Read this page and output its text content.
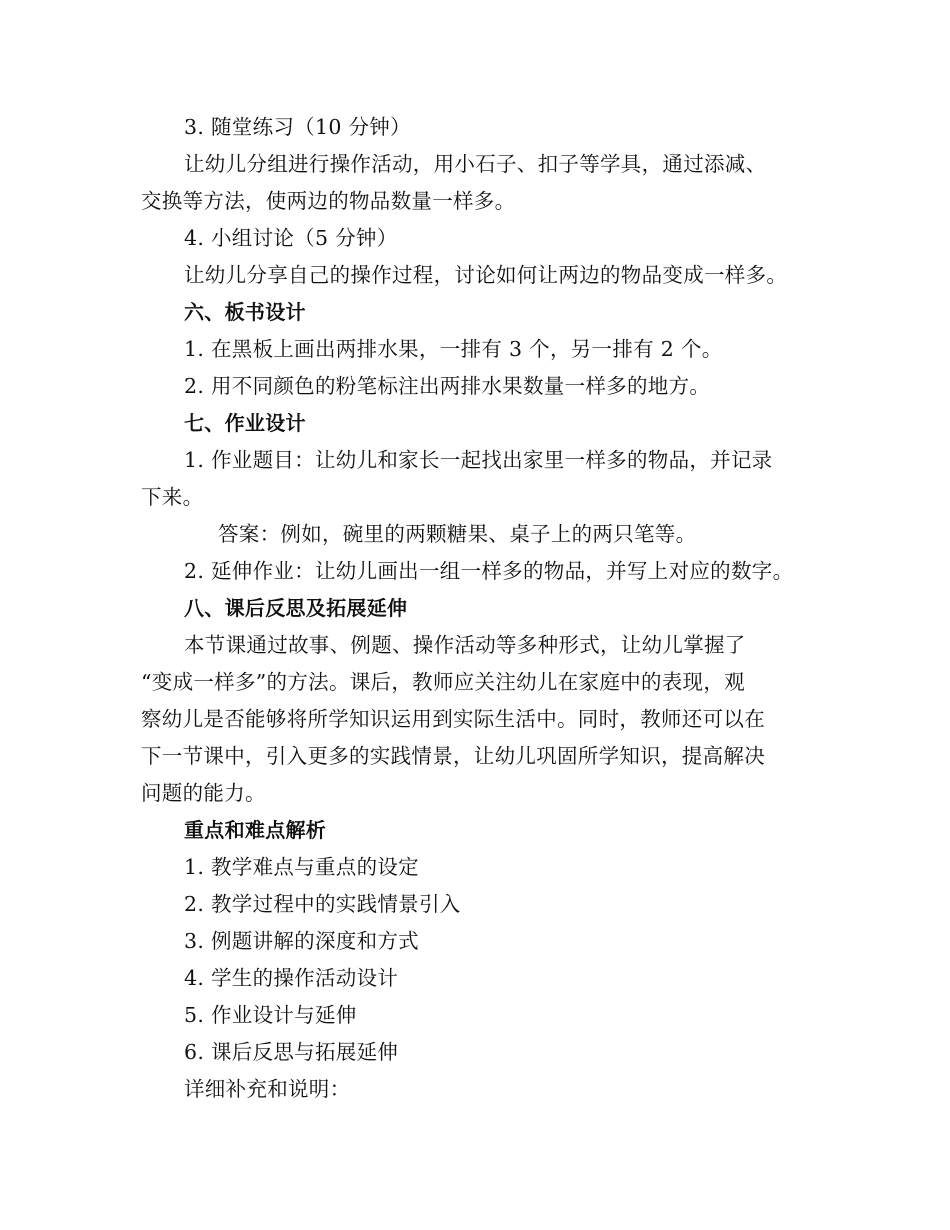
3. 随堂练习（10 分钟）
让幼儿分组进行操作活动，用小石子、扣子等学具，通过添减、
交换等方法，使两边的物品数量一样多。
4. 小组讨论（5 分钟）
让幼儿分享自己的操作过程，讨论如何让两边的物品变成一样多。
六、板书设计
1. 在黑板上画出两排水果，一排有 3 个，另一排有 2 个。
2. 用不同颜色的粉笔标注出两排水果数量一样多的地方。
七、作业设计
1. 作业题目：让幼儿和家长一起找出家里一样多的物品，并记录
下来。
答案：例如，碗里的两颗糖果、桌子上的两只笔等。
2. 延伸作业：让幼儿画出一组一样多的物品，并写上对应的数字。
八、课后反思及拓展延伸
本节课通过故事、例题、操作活动等多种形式，让幼儿掌握了
“变成一样多”的方法。课后，教师应关注幼儿在家庭中的表现，观
察幼儿是否能够将所学知识运用到实际生活中。同时，教师还可以在
下一节课中，引入更多的实践情景，让幼儿巩固所学知识，提高解决
问题的能力。
重点和难点解析
1. 教学难点与重点的设定
2. 教学过程中的实践情景引入
3. 例题讲解的深度和方式
4. 学生的操作活动设计
5. 作业设计与延伸
6. 课后反思与拓展延伸
详细补充和说明：
